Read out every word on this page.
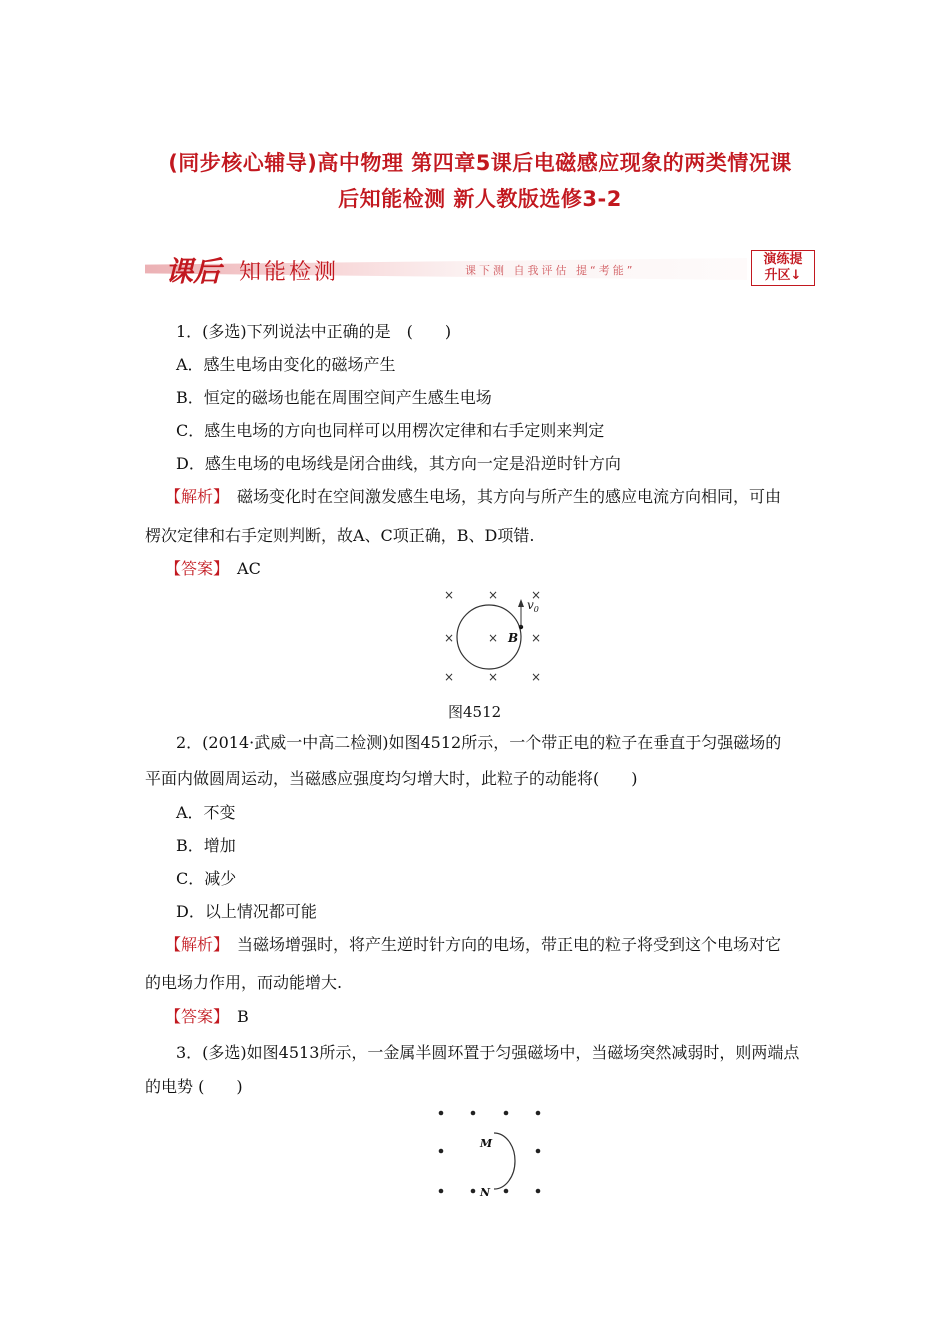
(同步核心辅导)高中物理 第四章5课后电磁感应现象的两类情况课
后知能检测 新人教版选修3-2
课后 知能检测	课下测 自我评估 提“考能”
演练提
升区↓
1．(多选)下列说法中正确的是　(　　)
A．感生电场由变化的磁场产生
B．恒定的磁场也能在周围空间产生感生电场
C．感生电场的方向也同样可以用楞次定律和右手定则来判定
D．感生电场的电场线是闭合曲线，其方向一定是沿逆时针方向
【解析】　磁场变化时在空间激发感生电场，其方向与所产生的感应电流方向相同，可由
楞次定律和右手定则判断，故A、C项正确，B、D项错.
【答案】　AC
×	×	×
×	×	×
×	×	×
$v_0$
B
图4512
2．(2014·武威一中高二检测)如图4512所示，一个带正电的粒子在垂直于匀强磁场的
平面内做圆周运动，当磁感应强度均匀增大时，此粒子的动能将(　　)
A．不变
B．增加
C．减少
D．以上情况都可能
【解析】　当磁场增强时，将产生逆时针方向的电场，带正电的粒子将受到这个电场对它
的电场力作用，而动能增大.
【答案】　B
3．(多选)如图4513所示，一金属半圆环置于匀强磁场中，当磁场突然减弱时，则两端点
的电势 (　　)
M
N
